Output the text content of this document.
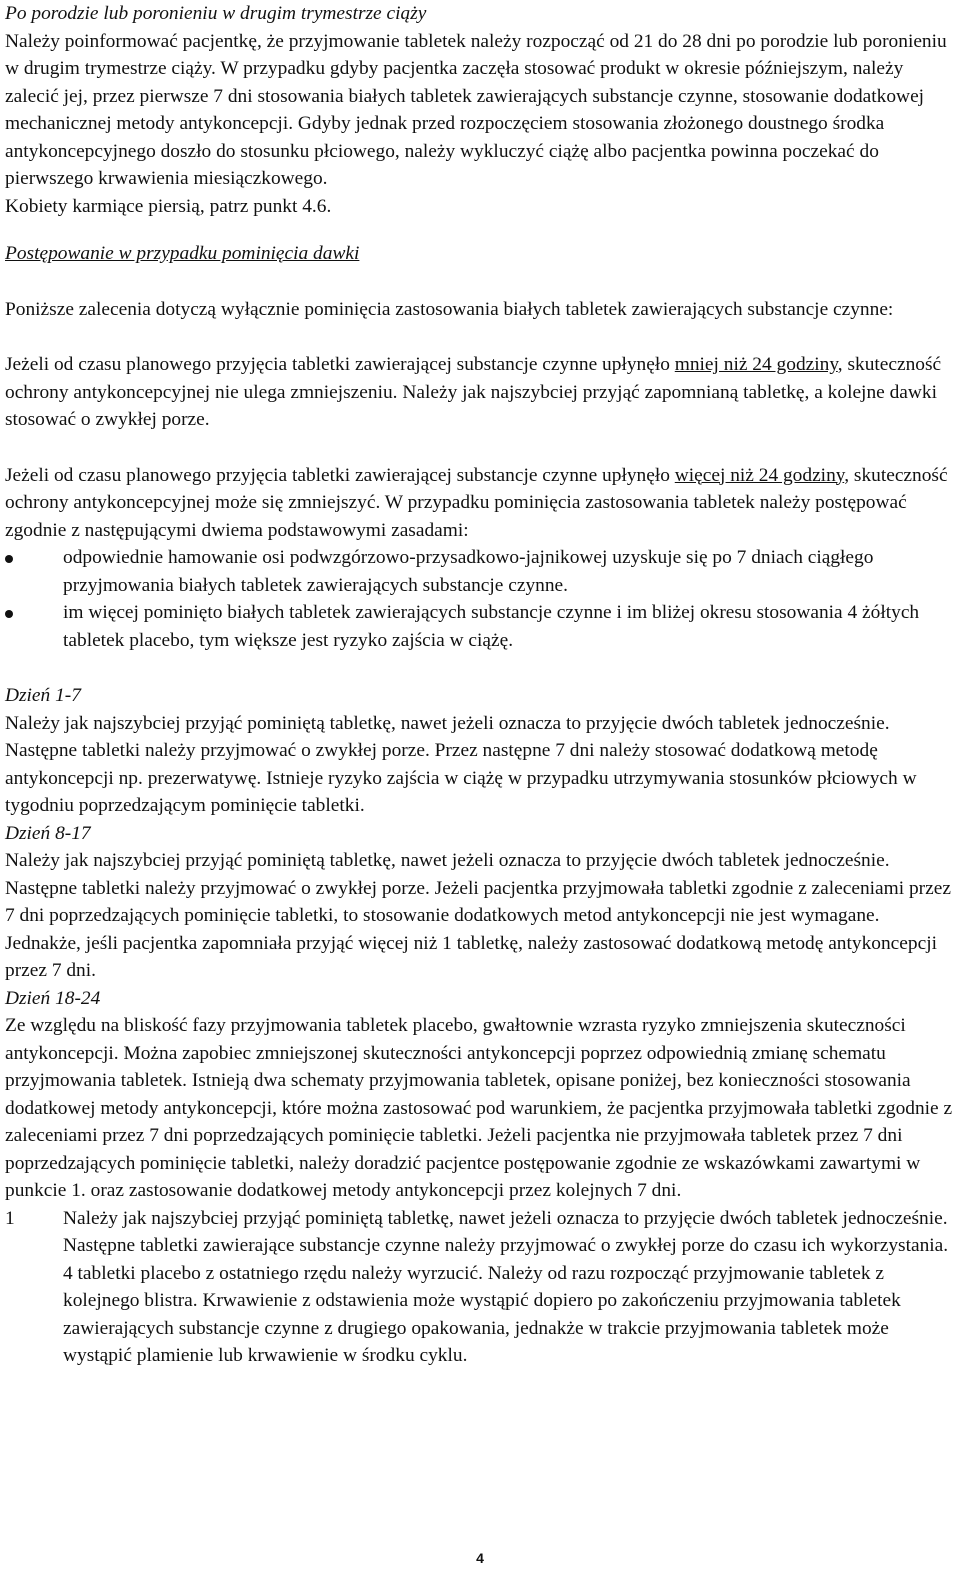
Po porodzie lub poronieniu w drugim trymestrze ciąży

Należy poinformować pacjentkę, że przyjmowanie tabletek należy rozpocząć od 21 do 28 dni po porodzie lub poronieniu w drugim trymestrze ciąży. W przypadku gdyby pacjentka zaczęła stosować produkt w okresie późniejszym, należy zalecić jej, przez pierwsze 7 dni stosowania białych tabletek zawierających substancje czynne, stosowanie dodatkowej mechanicznej metody antykoncepcji. Gdyby jednak przed rozpoczęciem stosowania złożonego doustnego środka antykoncepcyjnego doszło do stosunku płciowego, należy wykluczyć ciążę albo pacjentka powinna poczekać do pierwszego krwawienia miesiączkowego.

Kobiety karmiące piersią, patrz punkt 4.6.

Postępowanie w przypadku pominięcia dawki

Poniższe zalecenia dotyczą wyłącznie pominięcia zastosowania białych tabletek zawierających substancje czynne:

Jeżeli od czasu planowego przyjęcia tabletki zawierającej substancje czynne upłynęło mniej niż 24 godziny, skuteczność ochrony antykoncepcyjnej nie ulega zmniejszeniu. Należy jak najszybciej przyjąć zapomnianą tabletkę, a kolejne dawki stosować o zwykłej porze.

Jeżeli od czasu planowego przyjęcia tabletki zawierającej substancje czynne upłynęło więcej niż 24 godziny, skuteczność ochrony antykoncepcyjnej może się zmniejszyć. W przypadku pominięcia zastosowania tabletek należy postępować zgodnie z następującymi dwiema podstawowymi zasadami:

odpowiednie hamowanie osi podwzgórzowo-przysadkowo-jajnikowej uzyskuje się po 7 dniach ciągłego przyjmowania białych tabletek zawierających substancje czynne.
im więcej pominięto białych tabletek zawierających substancje czynne i im bliżej okresu stosowania 4 żółtych tabletek placebo, tym większe jest ryzyko zajścia w ciążę.

Dzień 1-7

Należy jak najszybciej przyjąć pominiętą tabletkę, nawet jeżeli oznacza to przyjęcie dwóch tabletek jednocześnie. Następne tabletki należy przyjmować o zwykłej porze. Przez następne 7 dni należy stosować dodatkową metodę antykoncepcji np. prezerwatywę. Istnieje ryzyko zajścia w ciążę w przypadku utrzymywania stosunków płciowych w tygodniu poprzedzającym pominięcie tabletki.

Dzień 8-17

Należy jak najszybciej przyjąć pominiętą tabletkę, nawet jeżeli oznacza to przyjęcie dwóch tabletek jednocześnie. Następne tabletki należy przyjmować o zwykłej porze. Jeżeli pacjentka przyjmowała tabletki zgodnie z zaleceniami przez 7 dni poprzedzających pominięcie tabletki, to stosowanie dodatkowych metod antykoncepcji nie jest wymagane. Jednakże, jeśli pacjentka zapomniała przyjąć więcej niż 1 tabletkę, należy zastosować dodatkową metodę antykoncepcji przez 7 dni.

Dzień 18-24

Ze względu na bliskość fazy przyjmowania tabletek placebo, gwałtownie wzrasta ryzyko zmniejszenia skuteczności antykoncepcji. Można zapobiec zmniejszonej skuteczności antykoncepcji poprzez odpowiednią zmianę schematu przyjmowania tabletek. Istnieją dwa schematy przyjmowania tabletek, opisane poniżej, bez konieczności stosowania dodatkowej metody antykoncepcji, które można zastosować pod warunkiem, że pacjentka przyjmowała tabletki zgodnie z zaleceniami przez 7 dni poprzedzających pominięcie tabletki. Jeżeli pacjentka nie przyjmowała tabletek przez 7 dni poprzedzających pominięcie tabletki, należy doradzić pacjentce postępowanie zgodnie ze wskazówkami zawartymi w punkcie 1. oraz zastosowanie dodatkowej metody antykoncepcji przez kolejnych 7 dni.

1 Należy jak najszybciej przyjąć pominiętą tabletkę, nawet jeżeli oznacza to przyjęcie dwóch tabletek jednocześnie. Następne tabletki zawierające substancje czynne należy przyjmować o zwykłej porze do czasu ich wykorzystania. 4 tabletki placebo z ostatniego rzędu należy wyrzucić. Należy od razu rozpocząć przyjmowanie tabletek z kolejnego blistra. Krwawienie z odstawienia może wystąpić dopiero po zakończeniu przyjmowania tabletek zawierających substancje czynne z drugiego opakowania, jednakże w trakcie przyjmowania tabletek może wystąpić plamienie lub krwawienie w środku cyklu.
4
